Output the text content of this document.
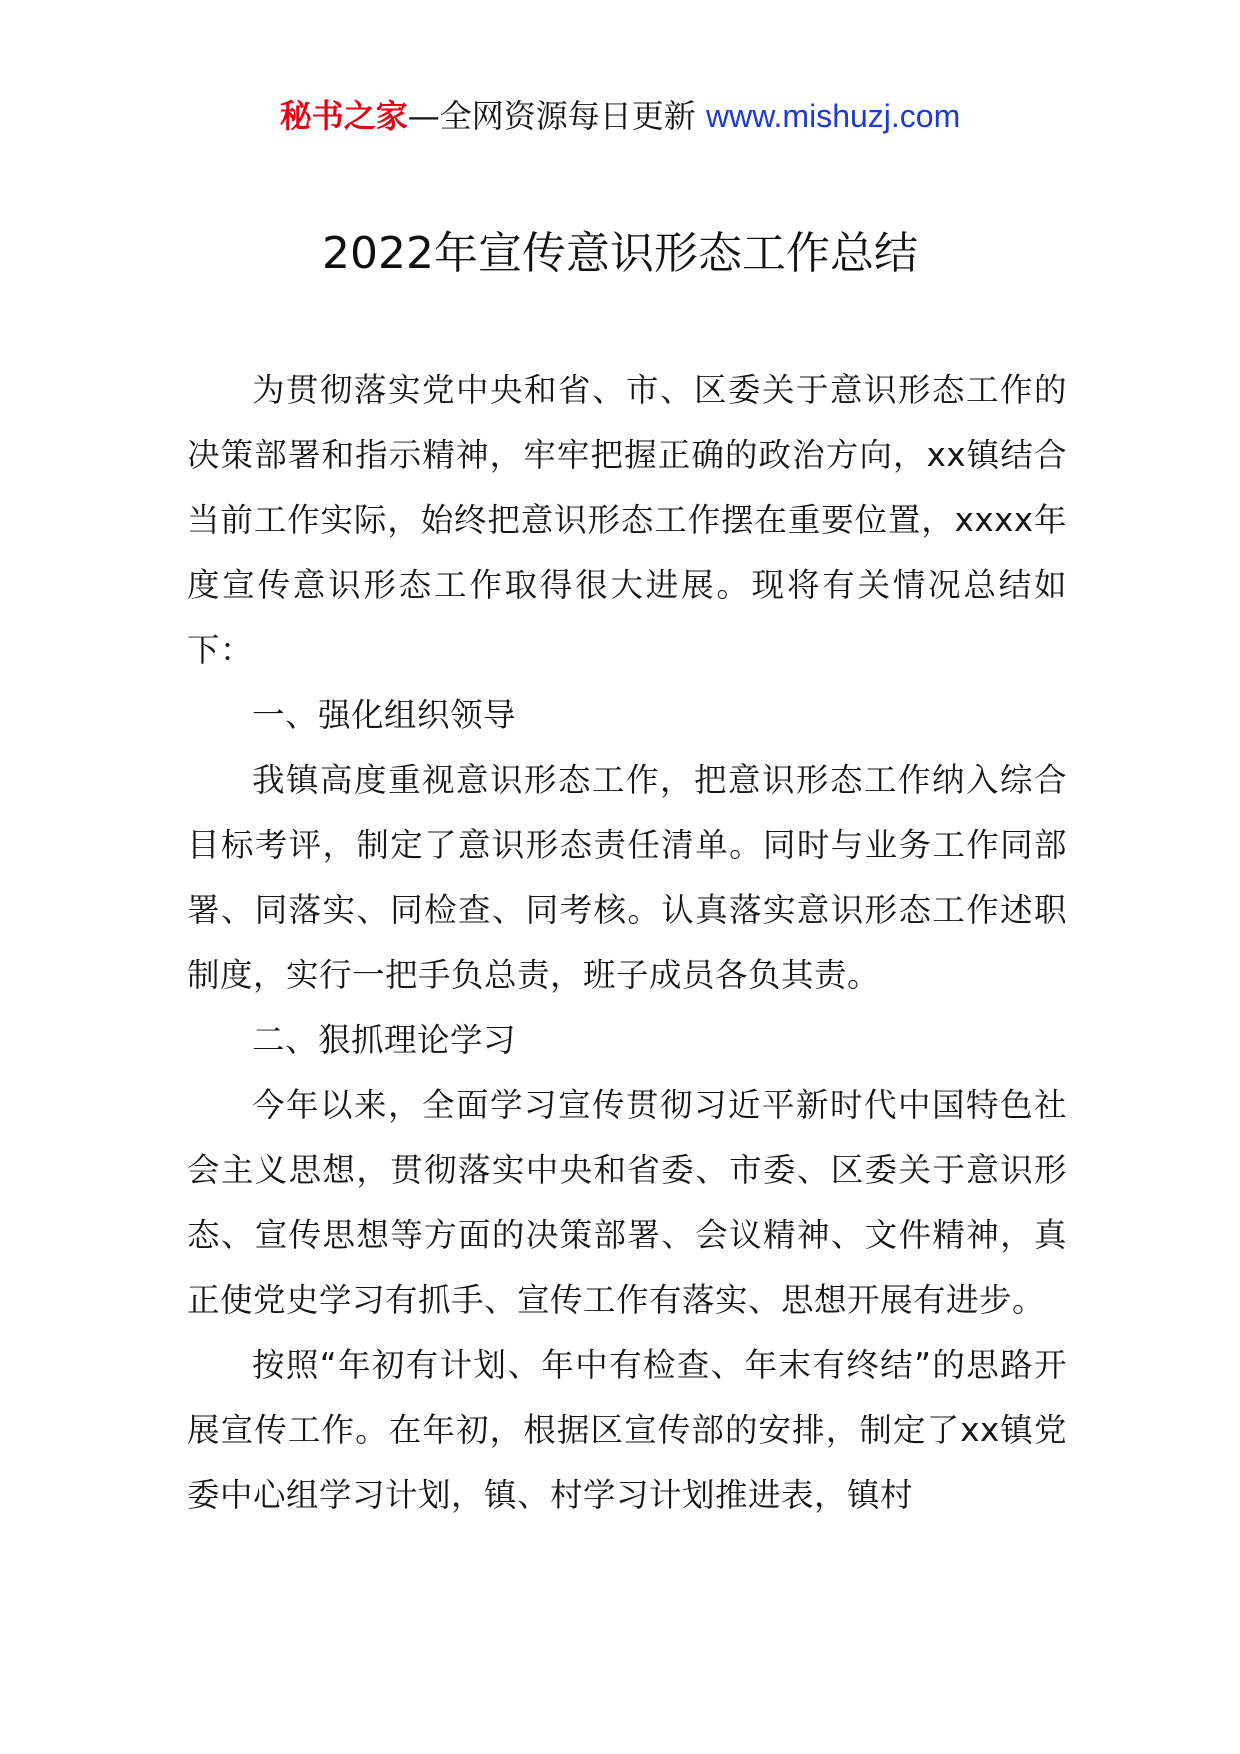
秘书之家—全网资源每日更新 www.mishuzj.com
2022年宣传意识形态工作总结

为贯彻落实党中央和省、市、区委关于意识形态工作的决策部署和指示精神，牢牢把握正确的政治方向，xx镇结合当前工作实际，始终把意识形态工作摆在重要位置，xxxx年度宣传意识形态工作取得很大进展。现将有关情况总结如下：

一、强化组织领导

我镇高度重视意识形态工作，把意识形态工作纳入综合目标考评，制定了意识形态责任清单。同时与业务工作同部署、同落实、同检查、同考核。认真落实意识形态工作述职制度，实行一把手负总责，班子成员各负其责。

二、狠抓理论学习

今年以来，全面学习宣传贯彻习近平新时代中国特色社会主义思想，贯彻落实中央和省委、市委、区委关于意识形态、宣传思想等方面的决策部署、会议精神、文件精神，真正使党史学习有抓手、宣传工作有落实、思想开展有进步。

按照“年初有计划、年中有检查、年末有终结”的思路开展宣传工作。在年初，根据区宣传部的安排，制定了xx镇党委中心组学习计划，镇、村学习计划推进表，镇村
